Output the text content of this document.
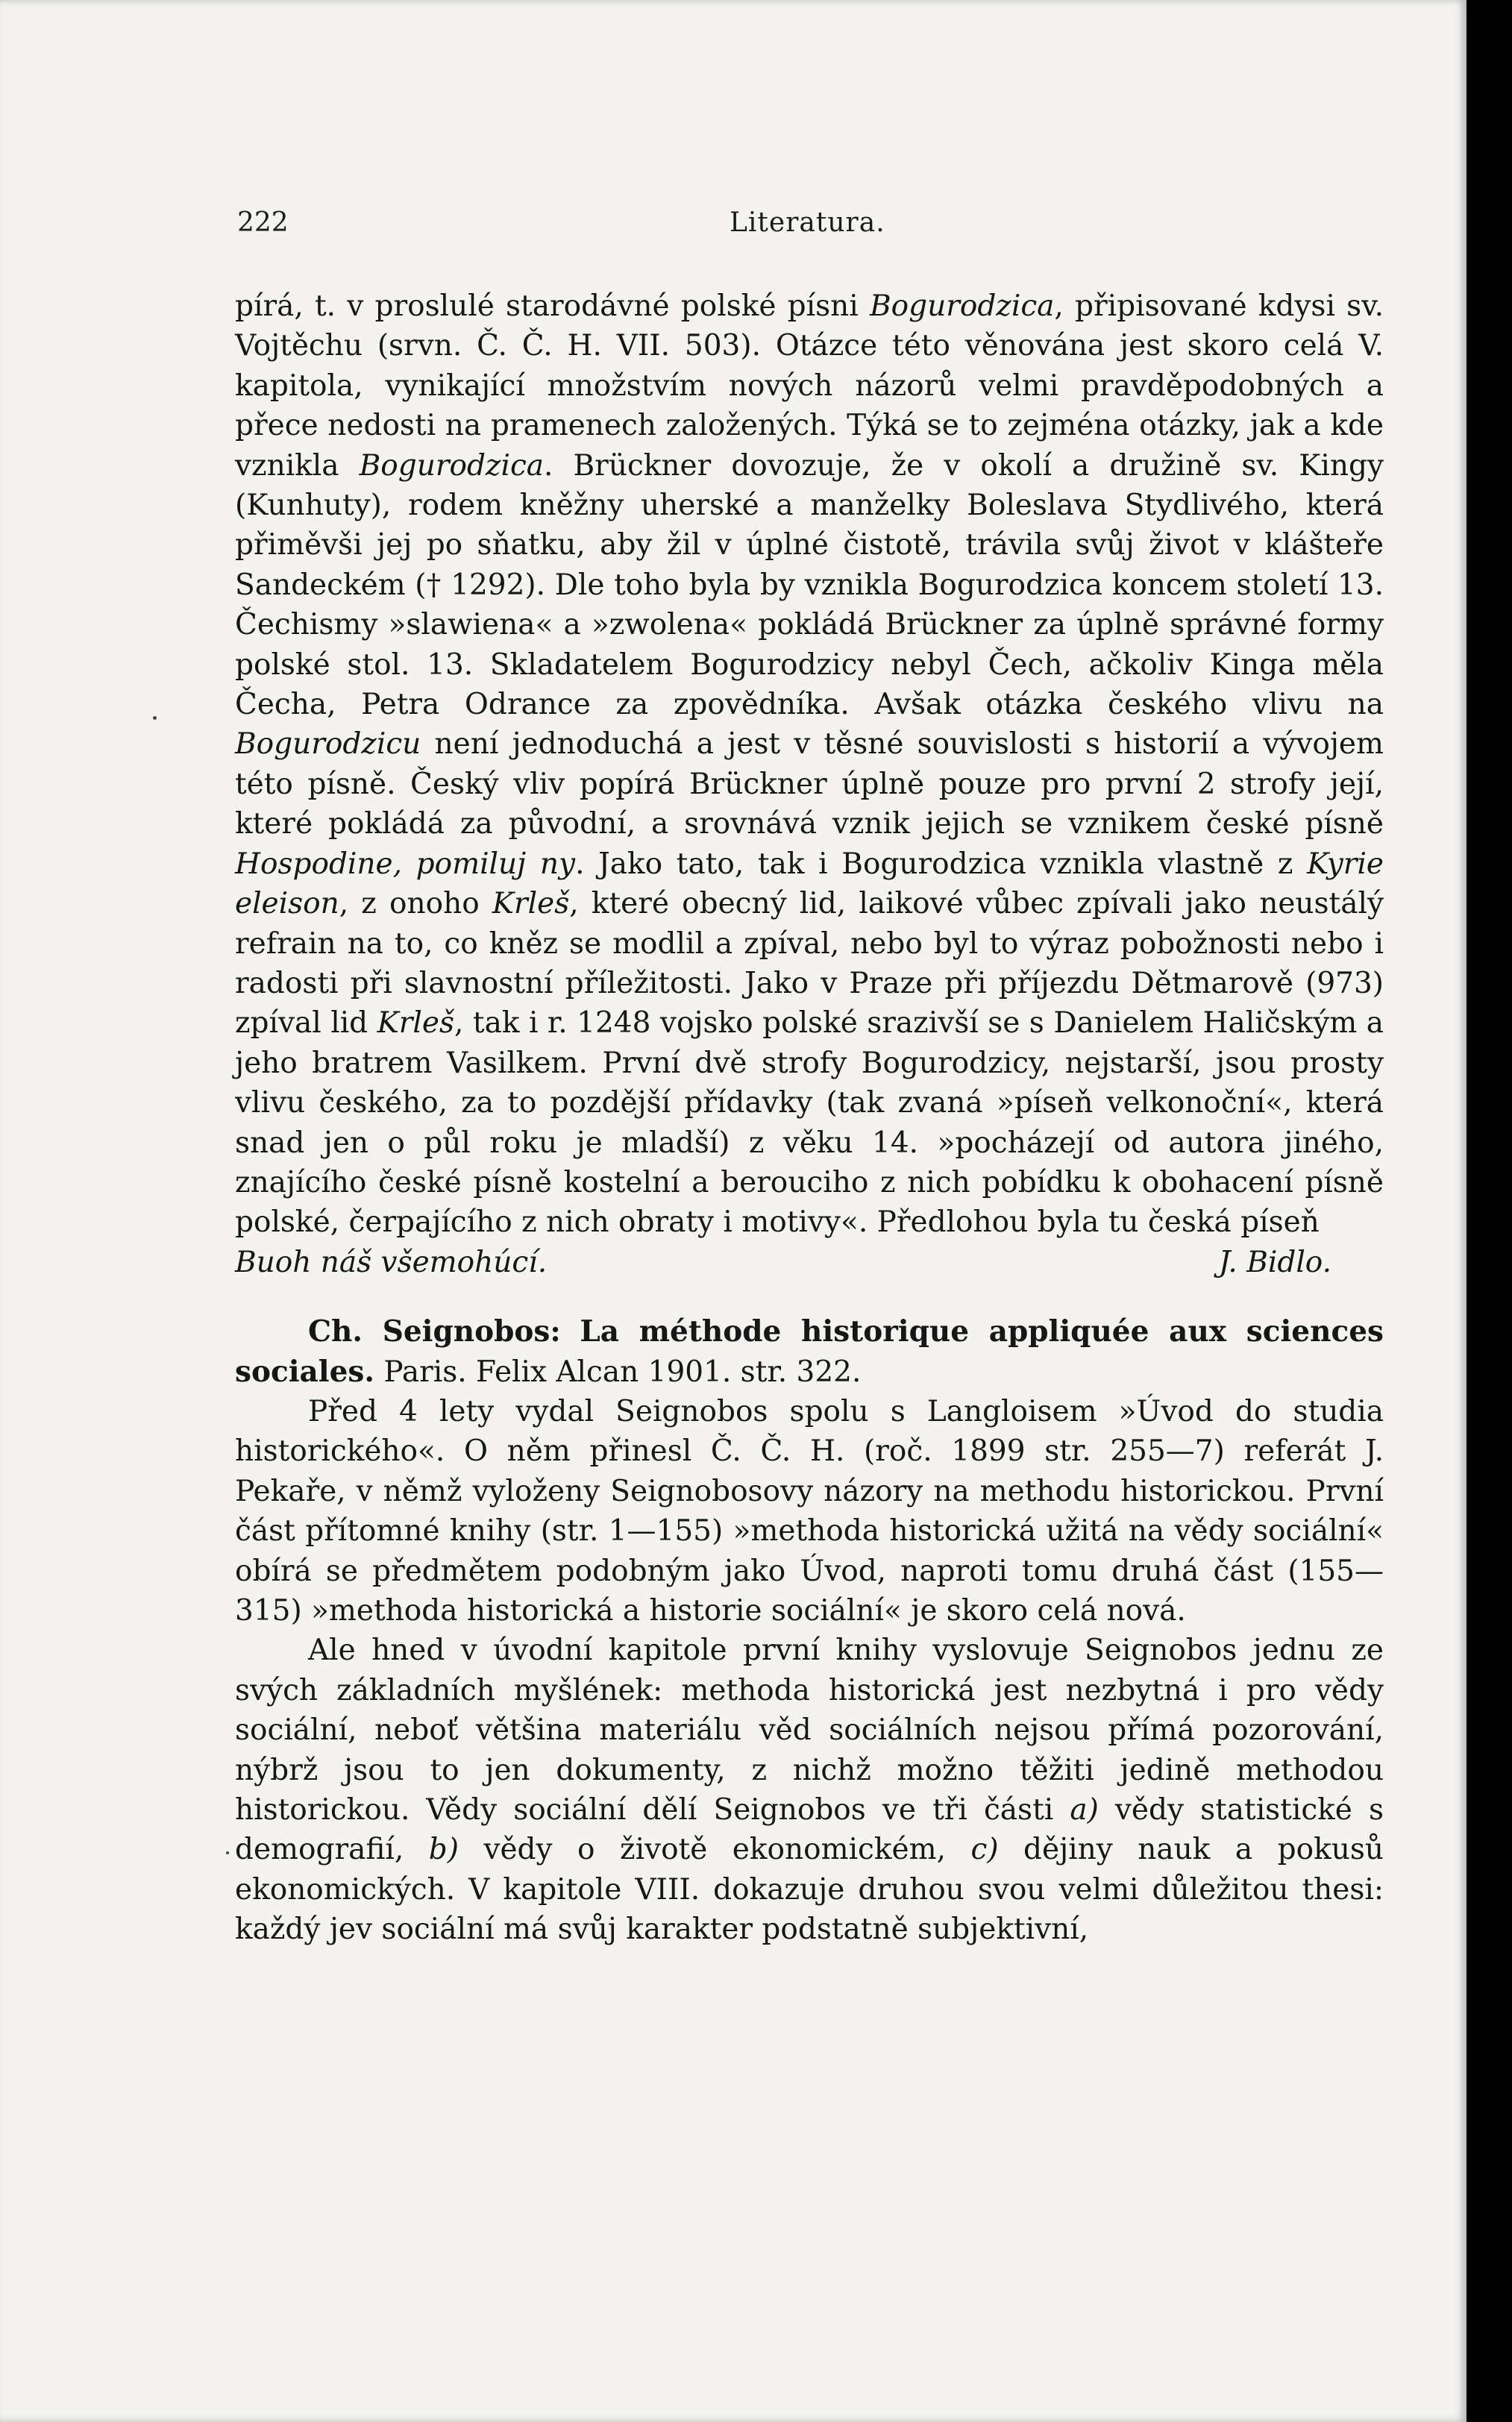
222	Literatura.

pírá, t. v proslulé starodávné polské písni Bogurodzica, připisované kdysi sv. Vojtěchu (srvn. Č. Č. H. VII. 503). Otázce této věnována jest skoro celá V. kapitola, vynikající množstvím nových názorů velmi pravděpodobných a přece nedosti na pramenech založených. Týká se to zejména otázky, jak a kde vznikla Bogurodzica. Brückner dovozuje, že v okolí a družině sv. Kingy (Kunhuty), rodem kněžny uherské a manželky Boleslava Stydlivého, která přiměvši jej po sňatku, aby žil v úplné čistotě, trávila svůj život v klášteře Sandeckém († 1292). Dle toho byla by vznikla Bogurodzica koncem století 13. Čechismy »slawiena« a »zwolena« pokládá Brückner za úplně správné formy polské stol. 13. Skladatelem Bogurodzicy nebyl Čech, ačkoliv Kinga měla Čecha, Petra Odrance za zpovědníka. Avšak otázka českého vlivu na Bogurodzicu není jednoduchá a jest v těsné souvislosti s historií a vývojem této písně. Český vliv popírá Brückner úplně pouze pro první 2 strofy její, které pokládá za původní, a srovnává vznik jejich se vznikem české písně Hospodine, pomiluj ny. Jako tato, tak i Bogurodzica vznikla vlastně z Kyrie eleison, z onoho Krleš, které obecný lid, laikové vůbec zpívali jako neustálý refrain na to, co kněz se modlil a zpíval, nebo byl to výraz pobožnosti nebo i radosti při slavnostní příležitosti. Jako v Praze při příjezdu Dětmarově (973) zpíval lid Krleš, tak i r. 1248 vojsko polské srazivší se s Danielem Haličským a jeho bratrem Vasilkem. První dvě strofy Bogurodzicy, nejstarší, jsou prosty vlivu českého, za to pozdější přídavky (tak zvaná »píseň velkonoční«, která snad jen o půl roku je mladší) z věku 14. »pocházejí od autora jiného, znajícího české písně kostelní a berouciho z nich pobídku k obohacení písně polské, čerpajícího z nich obraty i motivy«. Předlohou byla tu česká píseň

Buoh náš všemohúcí.	J. Bidlo.

Ch. Seignobos: La méthode historique appliquée aux sciences sociales. Paris. Felix Alcan 1901. str. 322.

Před 4 lety vydal Seignobos spolu s Langloisem »Úvod do studia historického«. O něm přinesl Č. Č. H. (roč. 1899 str. 255—7) referát J. Pekaře, v němž vyloženy Seignobosovy názory na methodu historickou. První část přítomné knihy (str. 1—155) »methoda historická užitá na vědy sociální« obírá se předmětem podobným jako Úvod, naproti tomu druhá část (155—315) »methoda historická a historie sociální« je skoro celá nová.

Ale hned v úvodní kapitole první knihy vyslovuje Seignobos jednu ze svých základních myšlének: methoda historická jest nezbytná i pro vědy sociální, neboť většina materiálu věd sociálních nejsou přímá pozorování, nýbrž jsou to jen dokumenty, z nichž možno těžiti jedině methodou historickou. Vědy sociální dělí Seignobos ve tři části a) vědy statistické s demografií, b) vědy o životě ekonomickém, c) dějiny nauk a pokusů ekonomických. V kapitole VIII. dokazuje druhou svou velmi důležitou thesi: každý jev sociální má svůj karakter podstatně subjektivní,
